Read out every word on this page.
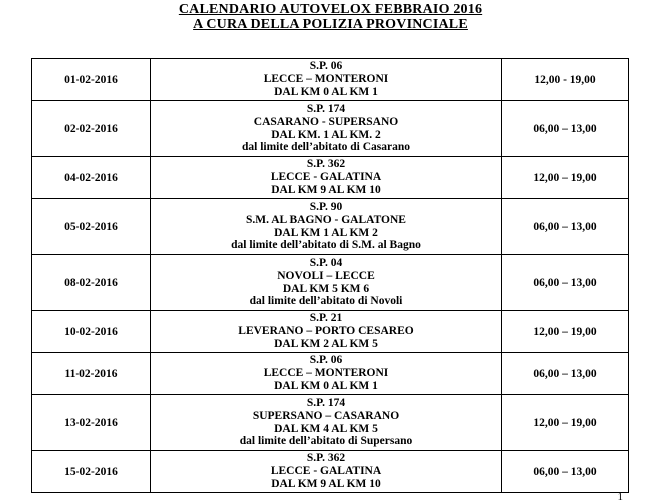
CALENDARIO AUTOVELOX FEBBRAIO 2016
A CURA DELLA POLIZIA PROVINCIALE
01-02-2016	S.P. 06
LECCE – MONTERONI
DAL KM 0 AL KM 1	12,00 - 19,00
02-02-2016	S.P. 174
CASARANO - SUPERSANO
DAL KM. 1 AL KM. 2
dal limite dell’abitato di Casarano	06,00 – 13,00
04-02-2016	S.P. 362
LECCE - GALATINA
DAL KM 9 AL KM 10	12,00 – 19,00
05-02-2016	S.P. 90
S.M. AL BAGNO - GALATONE
DAL KM 1 AL KM 2
dal limite dell’abitato di S.M. al Bagno	06,00 – 13,00
08-02-2016	S.P. 04
NOVOLI – LECCE
DAL KM 5 KM 6
dal limite dell’abitato di Novoli	06,00 – 13,00
10-02-2016	S.P. 21
LEVERANO – PORTO CESAREO
DAL KM 2 AL KM 5	12,00 – 19,00
11-02-2016	S.P. 06
LECCE – MONTERONI
DAL KM 0 AL KM 1	06,00 – 13,00
13-02-2016	S.P. 174
SUPERSANO – CASARANO
DAL KM 4 AL KM 5
dal limite dell’abitato di Supersano	12,00 – 19,00
15-02-2016	S.P. 362
LECCE - GALATINA
DAL KM 9 AL KM 10	06,00 – 13,00
1
